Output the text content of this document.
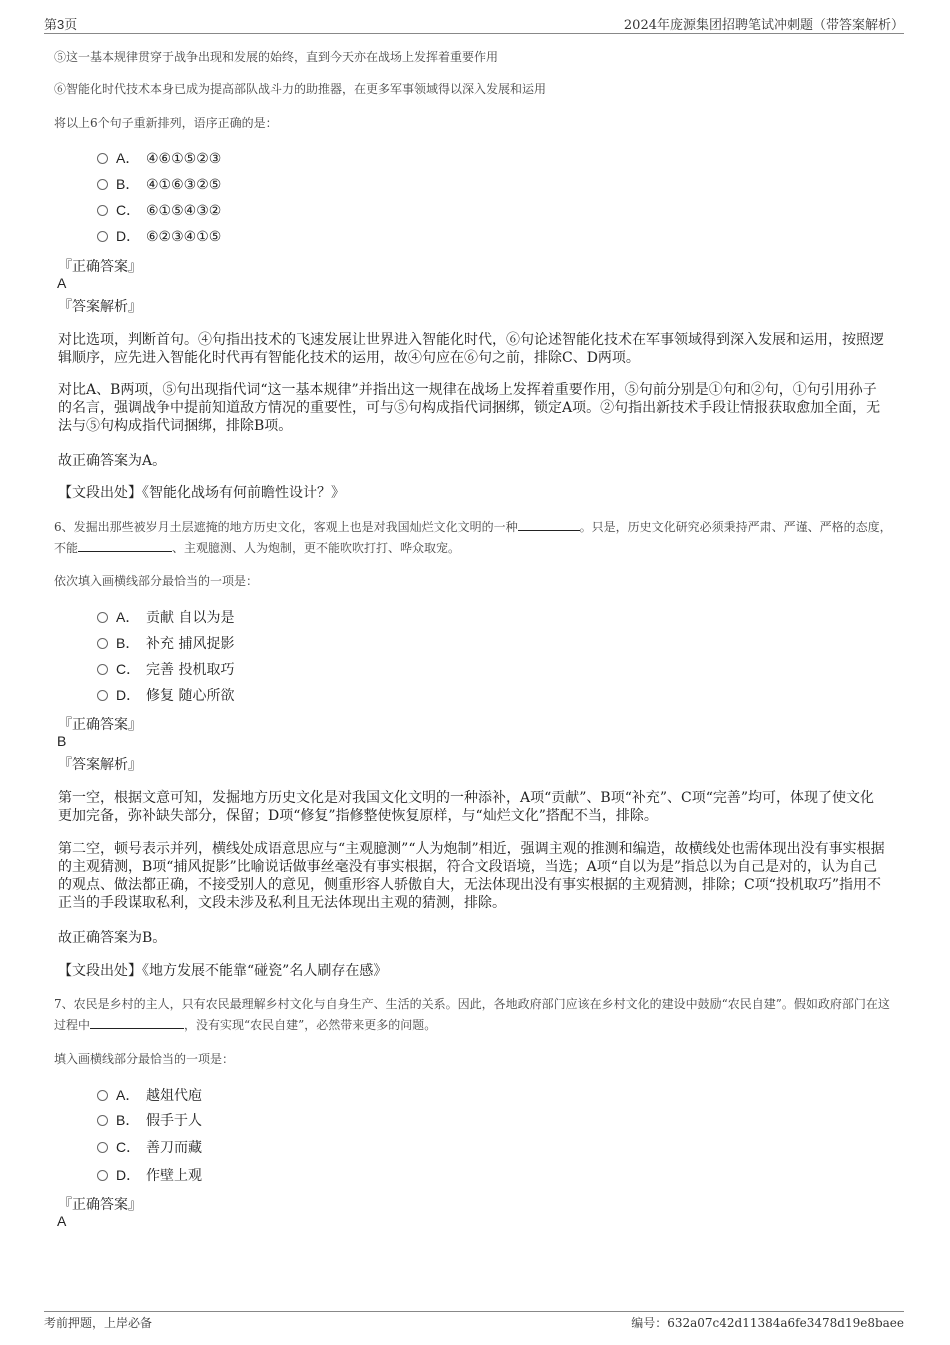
第3页	2024年庞源集团招聘笔试冲刺题（带答案解析）
⑤这一基本规律贯穿于战争出现和发展的始终，直到今天亦在战场上发挥着重要作用
⑥智能化时代技术本身已成为提高部队战斗力的助推器，在更多军事领域得以深入发展和运用
将以上6个句子重新排列，语序正确的是：
A． ④⑥①⑤②③
B． ④①⑥③②⑤
C． ⑥①⑤④③②
D． ⑥②③④①⑤
『正确答案』
A
『答案解析』
对比选项，判断首句。④句指出技术的飞速发展让世界进入智能化时代，⑥句论述智能化技术在军事领域得到深入发展和运用，按照逻辑顺序，应先进入智能化时代再有智能化技术的运用，故④句应在⑥句之前，排除C、D两项。
对比A、B两项，⑤句出现指代词“这一基本规律”并指出这一规律在战场上发挥着重要作用，⑤句前分别是①句和②句，①句引用孙子的名言，强调战争中提前知道敌方情况的重要性，可与⑤句构成指代词捆绑，锁定A项。②句指出新技术手段让情报获取愈加全面，无法与⑤句构成指代词捆绑，排除B项。
故正确答案为A。
【文段出处】《智能化战场有何前瞻性设计？》
6、发掘出那些被岁月土层遮掩的地方历史文化，客观上也是对我国灿烂文化文明的一种	。只是，历史文化研究必须秉持严肃、严谨、严格的态度，不能	、主观臆测、人为炮制，更不能吹吹打打、哗众取宠。
依次填入画横线部分最恰当的一项是：
A． 贡献 自以为是
B． 补充 捕风捉影
C． 完善 投机取巧
D． 修复 随心所欲
『正确答案』
B
『答案解析』
第一空，根据文意可知，发掘地方历史文化是对我国文化文明的一种添补，A项“贡献”、B项“补充”、C项“完善”均可，体现了使文化更加完备，弥补缺失部分，保留；D项“修复”指修整使恢复原样，与“灿烂文化”搭配不当，排除。
第二空，顿号表示并列，横线处成语意思应与“主观臆测”“人为炮制”相近，强调主观的推测和编造，故横线处也需体现出没有事实根据的主观猜测，B项“捕风捉影”比喻说话做事丝毫没有事实根据，符合文段语境，当选；A项“自以为是”指总以为自己是对的，认为自己的观点、做法都正确，不接受别人的意见，侧重形容人骄傲自大，无法体现出没有事实根据的主观猜测，排除；C项“投机取巧”指用不正当的手段谋取私利，文段未涉及私利且无法体现出主观的猜测，排除。
故正确答案为B。
【文段出处】《地方发展不能靠“碰瓷”名人刷存在感》
7、农民是乡村的主人，只有农民最理解乡村文化与自身生产、生活的关系。因此，各地政府部门应该在乡村文化的建设中鼓励“农民自建”。假如政府部门在这过程中	，没有实现“农民自建”，必然带来更多的问题。
填入画横线部分最恰当的一项是：
A． 越俎代庖
B． 假手于人
C． 善刀而藏
D． 作壁上观
『正确答案』
A
考前押题，上岸必备	编号：632a07c42d11384a6fe3478d19e8baee
